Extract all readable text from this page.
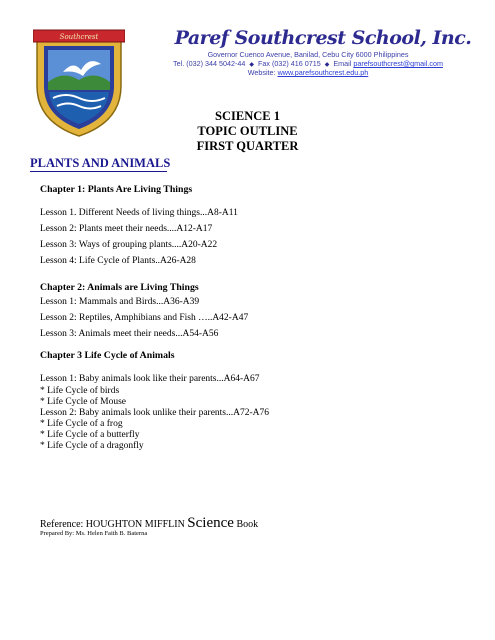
Southcrest	Paref Southcrest School, Inc.
Governor Cuenco Avenue, Banilad, Cebu City 6000 Philippines
Tel. (032) 344 5042-44 ◆ Fax (032) 416 0715 ◆ Email parefsouthcrest@gmail.com
Website: www.parefsouthcrest.edu.ph
SCIENCE 1
TOPIC OUTLINE
FIRST QUARTER
PLANTS AND ANIMALS
Chapter 1: Plants Are Living Things
Lesson 1. Different Needs of living things...A8-A11
Lesson 2: Plants meet their needs....A12-A17
Lesson 3: Ways of grouping plants....A20-A22
Lesson 4: Life Cycle of Plants..A26-A28
Chapter 2: Animals are Living Things
Lesson 1: Mammals and Birds...A36-A39
Lesson 2: Reptiles, Amphibians and Fish …..A42-A47
Lesson 3: Animals meet their needs...A54-A56
Chapter 3 Life Cycle of Animals
Lesson 1: Baby animals look like their parents...A64-A67
* Life Cycle of birds
* Life Cycle of Mouse
Lesson 2: Baby animals look unlike their parents...A72-A76
* Life Cycle of a frog
* Life Cycle of a butterfly
* Life Cycle of a dragonfly
Reference: HOUGHTON MIFFLIN Science Book
Prepared By: Ms. Helen Faith B. Baterna
